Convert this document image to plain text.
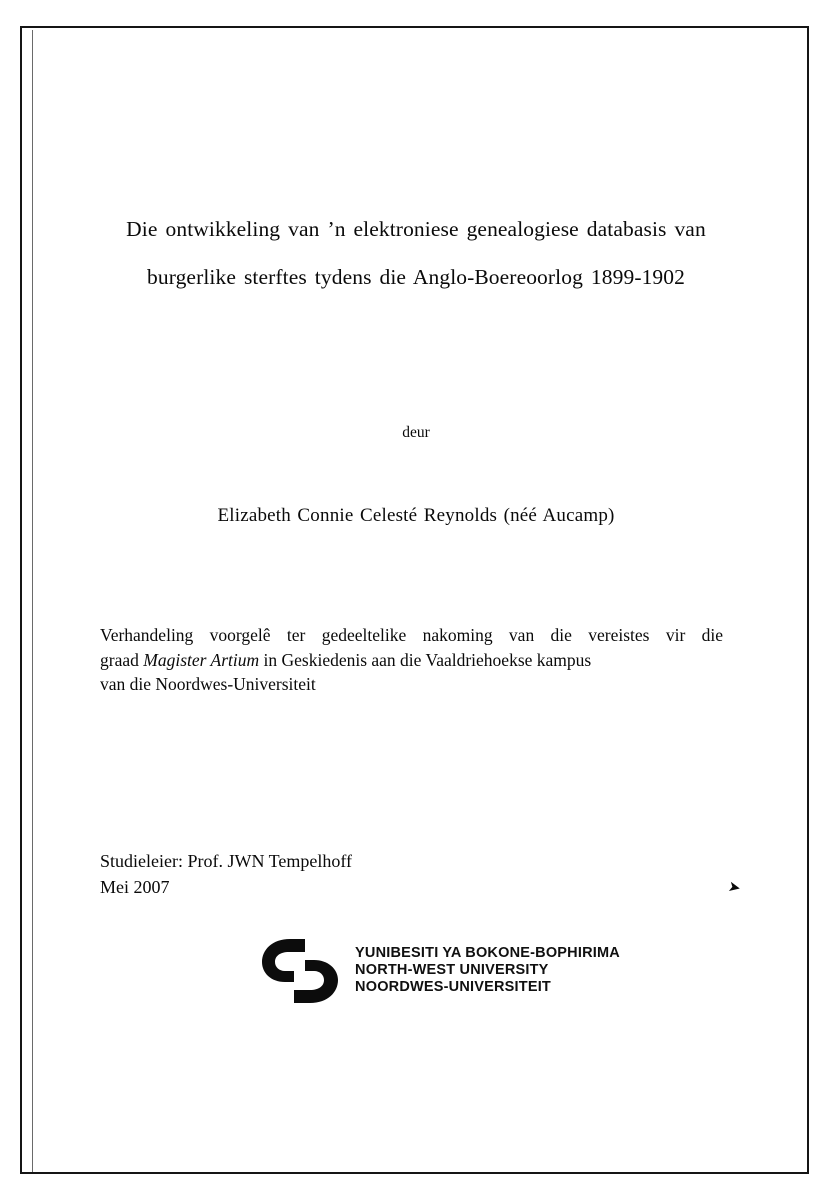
Die ontwikkeling van ’n elektroniese genealogiese databasis van
burgerlike sterftes tydens die Anglo-Boereoorlog 1899-1902
deur
Elizabeth Connie Celesté Reynolds (néé Aucamp)
Verhandeling voorgelê ter gedeeltelike nakoming van die vereistes vir die
graad Magister Artium in Geskiedenis aan die Vaaldriehoekse kampus
van die Noordwes-Universiteit
Studieleier: Prof. JWN Tempelhoff
Mei 2007	➤
YUNIBESITI YA BOKONE-BOPHIRIMA
NORTH-WEST UNIVERSITY
NOORDWES-UNIVERSITEIT
